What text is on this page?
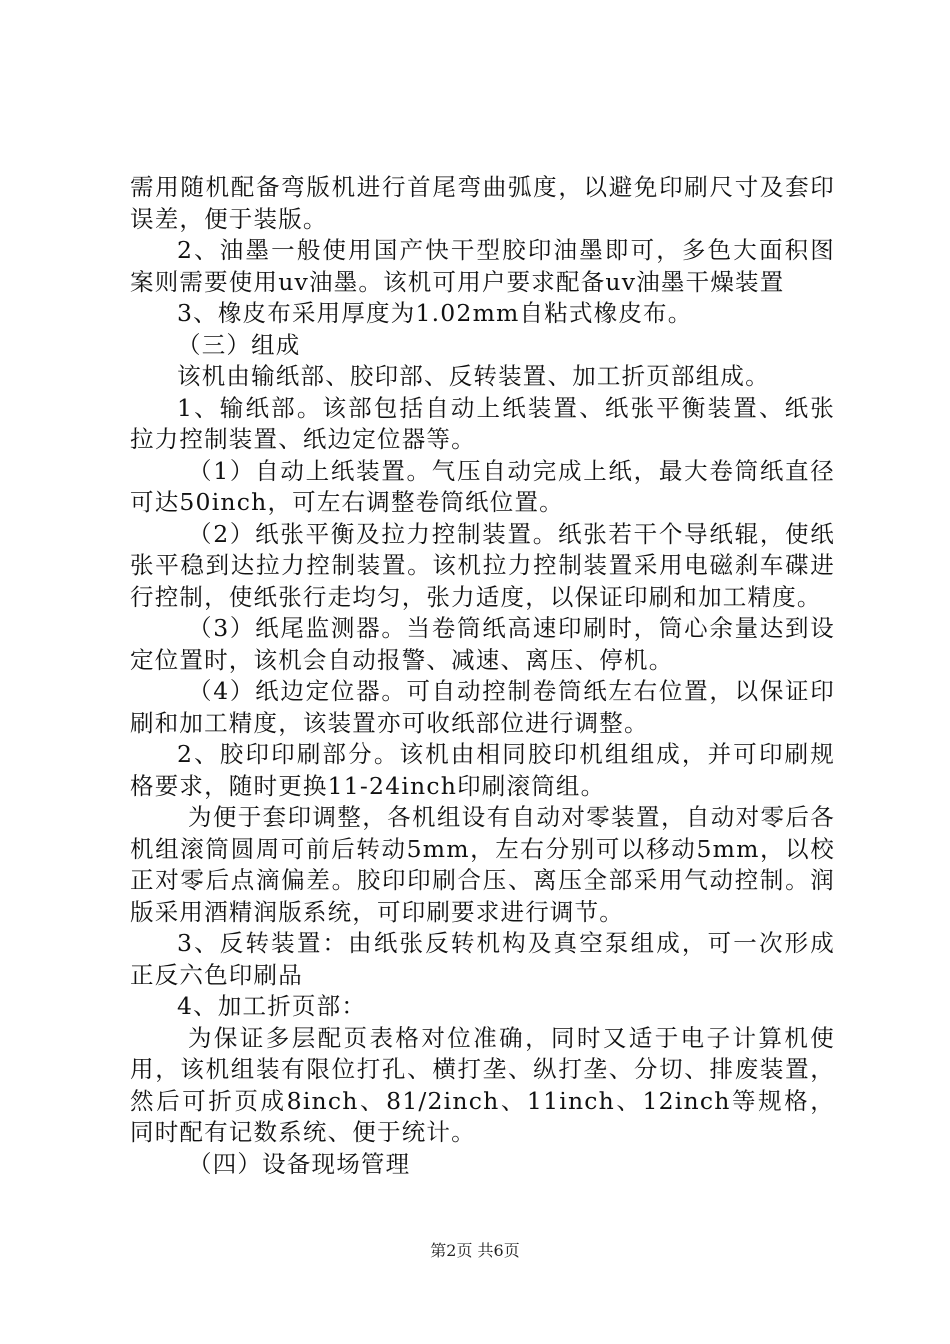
需用随机配备弯版机进行首尾弯曲弧度，以避免印刷尺寸及套印误差，便于装版。

2、油墨一般使用国产快干型胶印油墨即可，多色大面积图案则需要使用uv油墨。该机可用户要求配备uv油墨干燥装置

3、橡皮布采用厚度为1.02mm自粘式橡皮布。

（三）组成

该机由输纸部、胶印部、反转装置、加工折页部组成。

1、输纸部。该部包括自动上纸装置、纸张平衡装置、纸张拉力控制装置、纸边定位器等。

（1）自动上纸装置。气压自动完成上纸，最大卷筒纸直径可达50inch，可左右调整卷筒纸位置。

（2）纸张平衡及拉力控制装置。纸张若干个导纸辊，使纸张平稳到达拉力控制装置。该机拉力控制装置采用电磁刹车碟进行控制，使纸张行走均匀，张力适度，以保证印刷和加工精度。

（3）纸尾监测器。当卷筒纸高速印刷时，筒心余量达到设定位置时，该机会自动报警、减速、离压、停机。

（4）纸边定位器。可自动控制卷筒纸左右位置，以保证印刷和加工精度，该装置亦可收纸部位进行调整。

2、胶印印刷部分。该机由相同胶印机组组成，并可印刷规格要求，随时更换11-24inch印刷滚筒组。

为便于套印调整，各机组设有自动对零装置，自动对零后各机组滚筒圆周可前后转动5mm，左右分别可以移动5mm，以校正对零后点滴偏差。胶印印刷合压、离压全部采用气动控制。润版采用酒精润版系统，可印刷要求进行调节。

3、反转装置：由纸张反转机构及真空泵组成，可一次形成正反六色印刷品

4、加工折页部：

为保证多层配页表格对位准确，同时又适于电子计算机使用，该机组装有限位打孔、横打垄、纵打垄、分切、排废装置，然后可折页成8inch、81/2inch、11inch、12inch等规格，同时配有记数系统、便于统计。

（四）设备现场管理

第2页 共6页
